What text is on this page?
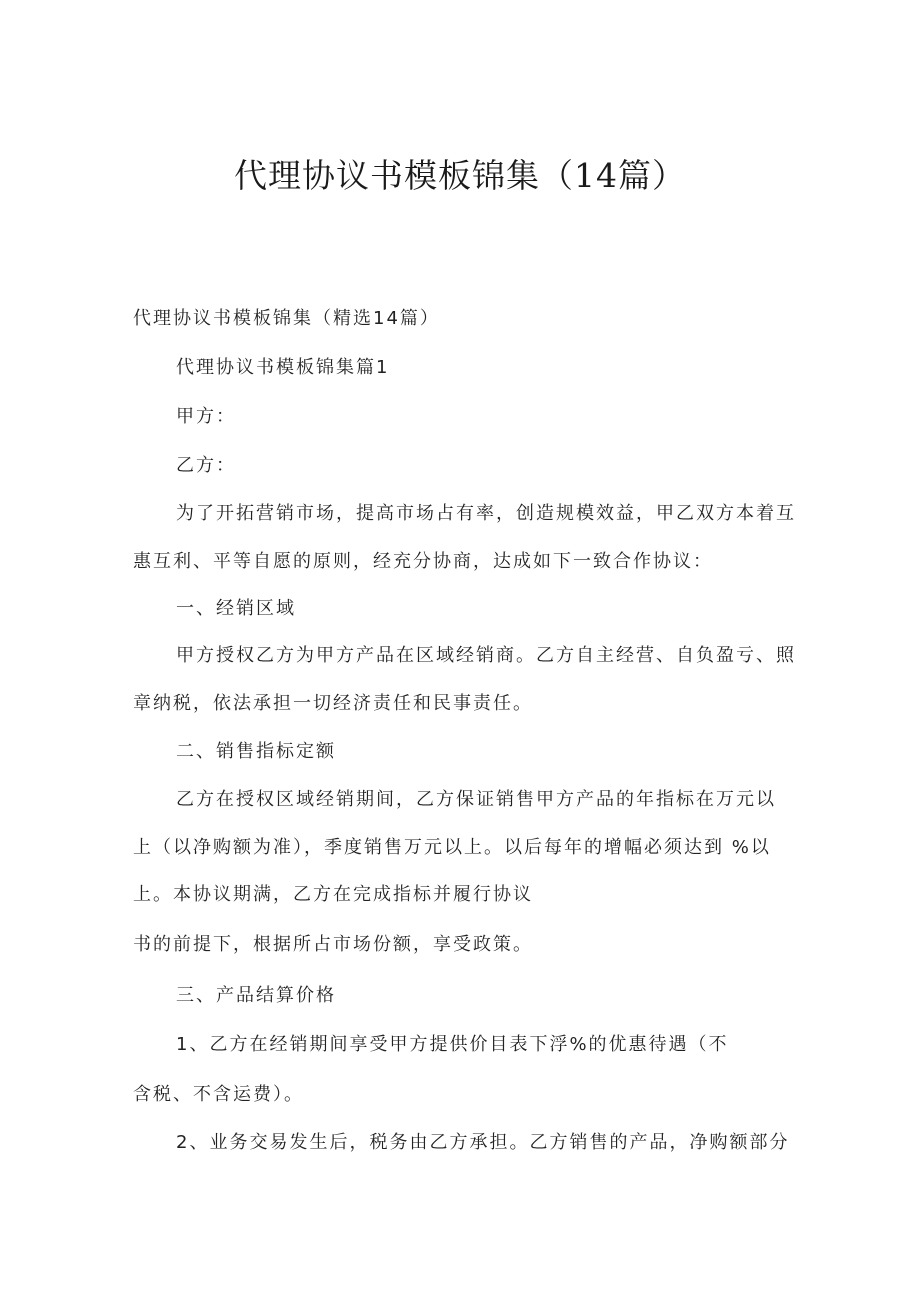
代理协议书模板锦集（14篇）
代理协议书模板锦集（精选14篇）
代理协议书模板锦集篇1
甲方：
乙方：
为了开拓营销市场，提高市场占有率，创造规模效益，甲乙双方本着互
惠互利、平等自愿的原则，经充分协商，达成如下一致合作协议：
一、经销区域
甲方授权乙方为甲方产品在区域经销商。乙方自主经营、自负盈亏、照
章纳税，依法承担一切经济责任和民事责任。
二、销售指标定额
乙方在授权区域经销期间，乙方保证销售甲方产品的年指标在万元以
上（以净购额为准），季度销售万元以上。以后每年的增幅必须达到 %以
上。本协议期满，乙方在完成指标并履行协议
书的前提下，根据所占市场份额，享受政策。
三、产品结算价格
1、乙方在经销期间享受甲方提供价目表下浮%的优惠待遇（不
含税、不含运费）。
2、业务交易发生后，税务由乙方承担。乙方销售的产品，净购额部分
